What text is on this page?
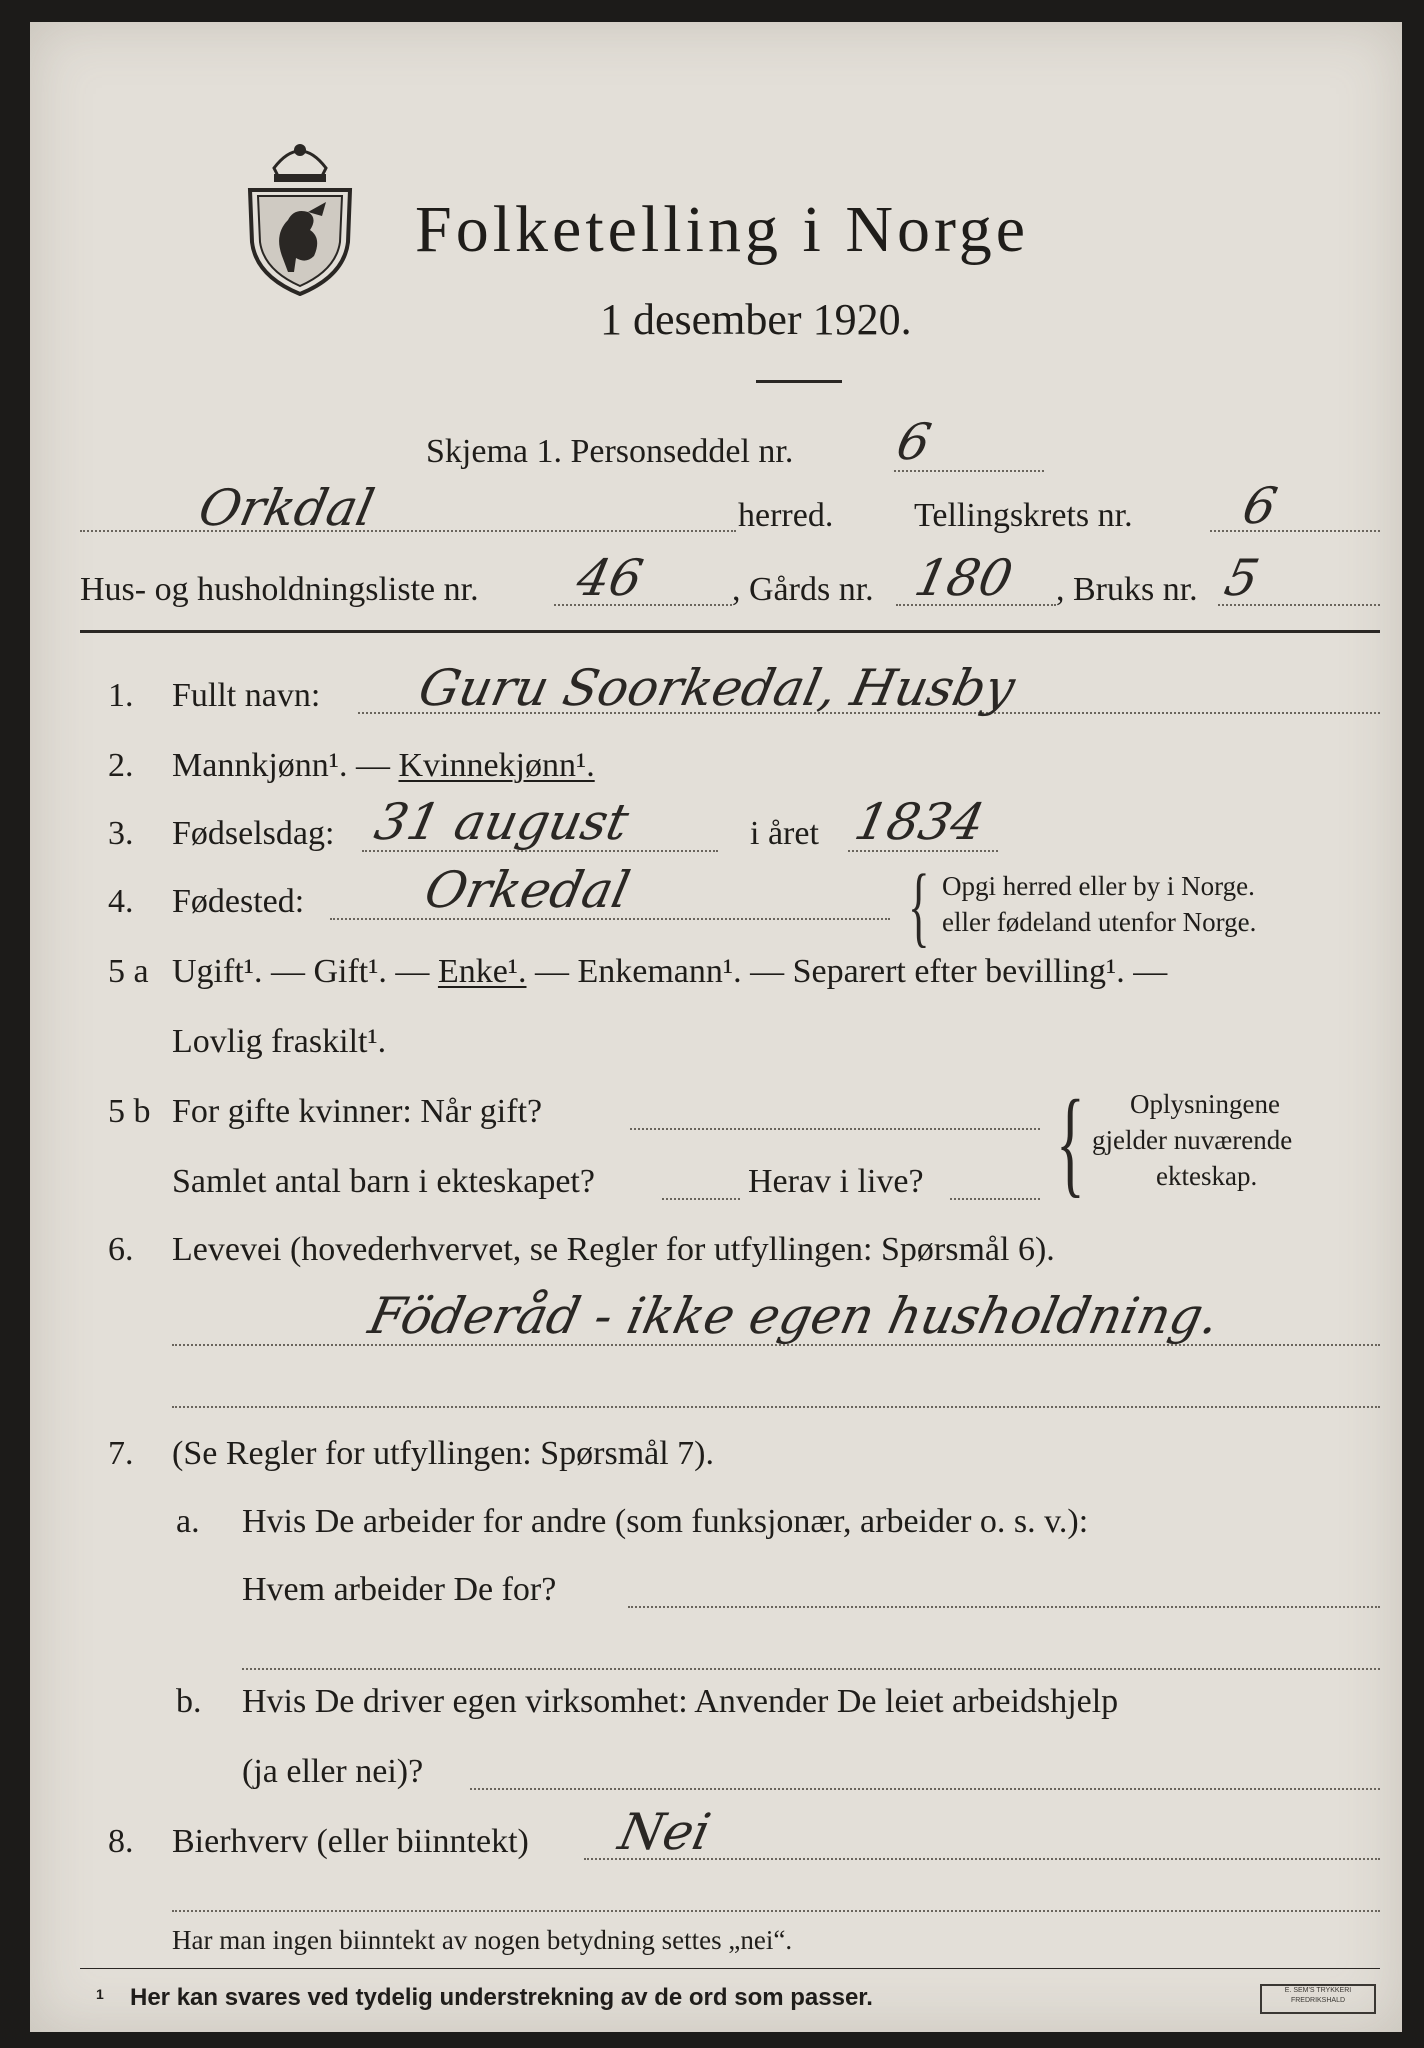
Folketelling i Norge
1 desember 1920.
Skjema 1. Personseddel nr. 6
Orkdal	herred. Tellingskrets nr. 6
Hus- og husholdningsliste nr. 46 , Gårds nr. 180 , Bruks nr. 5
1. Fullt navn: Guru Soorkedal, Husby
2. Mannkjønn¹. — Kvinnekjønn¹.
3. Fødselsdag: 31 august	i året 1834
4. Fødested: Orkedal	{ Opgi herred eller by i Norge.
eller fødeland utenfor Norge.
5 a Ugift¹. — Gift¹. — Enke¹. — Enkemann¹. — Separert efter bevilling¹. —
Lovlig fraskilt¹.
5 b For gifte kvinner: Når gift?
Samlet antal barn i ekteskapet?	Herav i live? { Oplysningene
gjelder nuværende
ekteskap.
6. Levevei (hovederhvervet, se Regler for utfyllingen: Spørsmål 6).
Föderåd - ikke egen husholdning.
7. (Se Regler for utfyllingen: Spørsmål 7).
a. Hvis De arbeider for andre (som funksjonær, arbeider o. s. v.):
Hvem arbeider De for?
b. Hvis De driver egen virksomhet: Anvender De leiet arbeidshjelp
(ja eller nei)?
8. Bierhverv (eller biinntekt) Nei
Har man ingen biinntekt av nogen betydning settes „nei“.
1 Her kan svares ved tydelig understrekning av de ord som passer.	E. SEM'S TRYKKERI FREDRIKSHALD
